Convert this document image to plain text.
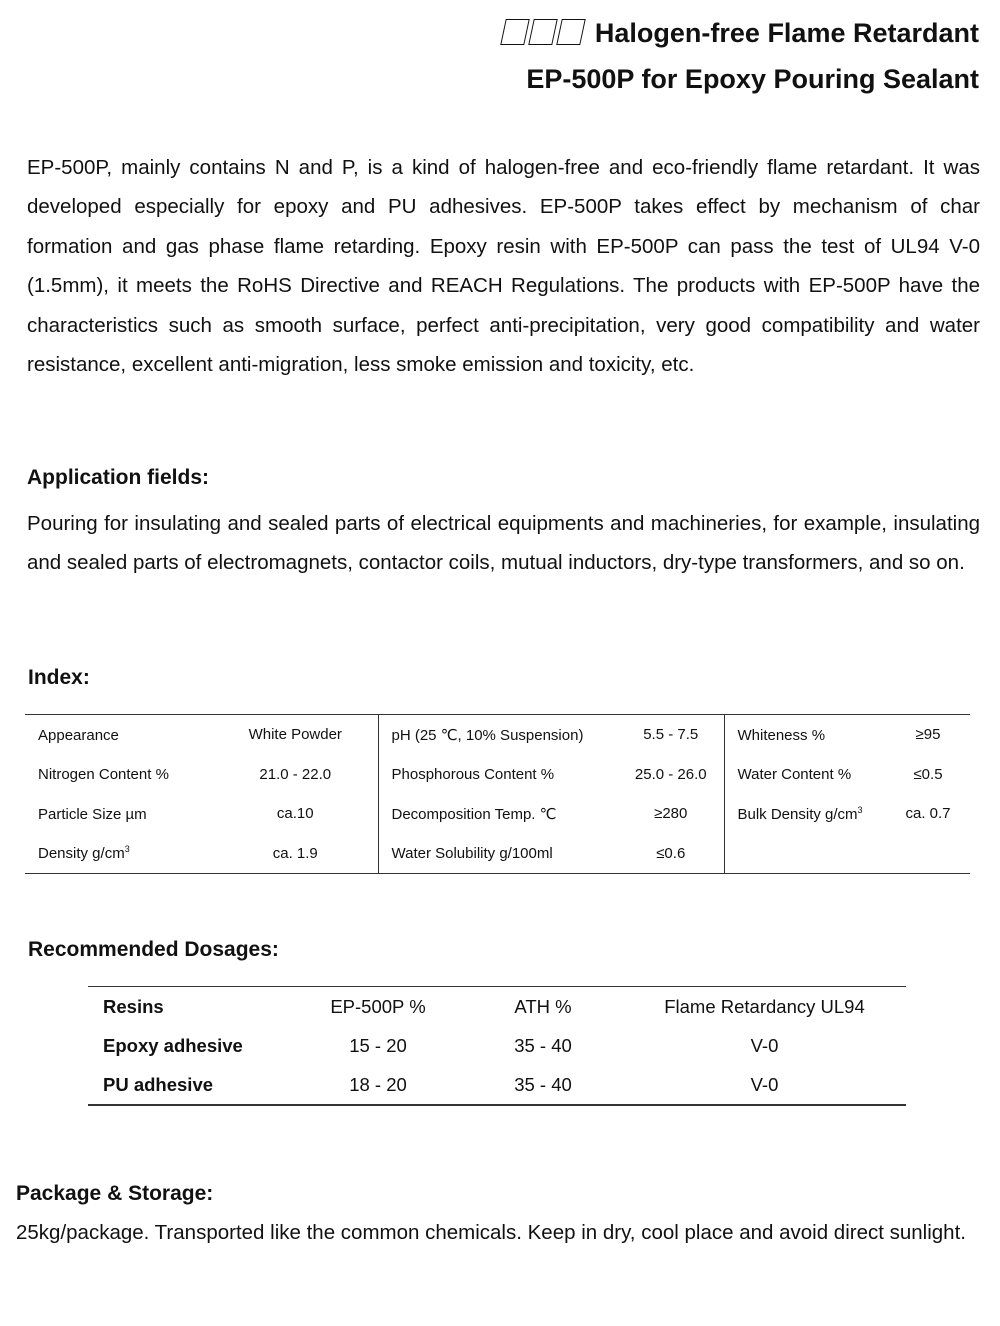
Halogen-free Flame Retardant
EP-500P for Epoxy Pouring Sealant
EP-500P, mainly contains N and P, is a kind of halogen-free and eco-friendly flame retardant. It was developed especially for epoxy and PU adhesives. EP-500P takes effect by mechanism of char formation and gas phase flame retarding. Epoxy resin with EP-500P can pass the test of UL94 V-0 (1.5mm), it meets the RoHS Directive and REACH Regulations. The products with EP-500P have the characteristics such as smooth surface, perfect anti-precipitation, very good compatibility and water resistance, excellent anti-migration, less smoke emission and toxicity, etc.
Application fields:
Pouring for insulating and sealed parts of electrical equipments and machineries, for example, insulating and sealed parts of electromagnets, contactor coils, mutual inductors, dry-type transformers, and so on.
Index:
Appearance	White Powder	pH (25 ℃, 10% Suspension)	5.5 - 7.5	Whiteness %	≥95
Nitrogen Content %	21.0 - 22.0	Phosphorous Content %	25.0 - 26.0	Water Content %	≤0.5
Particle Size µm	ca.10	Decomposition Temp. ℃	≥280	Bulk Density $g/cm^3$	ca. 0.7
Density $g/cm^3$	ca. 1.9	Water Solubility g/100ml	≤0.6		
Recommended Dosages:
Resins	EP-500P %	ATH %	Flame Retardancy UL94
Epoxy adhesive	15 - 20	35 - 40	V-0
PU adhesive	18 - 20	35 - 40	V-0
Package & Storage:
25kg/package. Transported like the common chemicals. Keep in dry, cool place and avoid direct sunlight.
